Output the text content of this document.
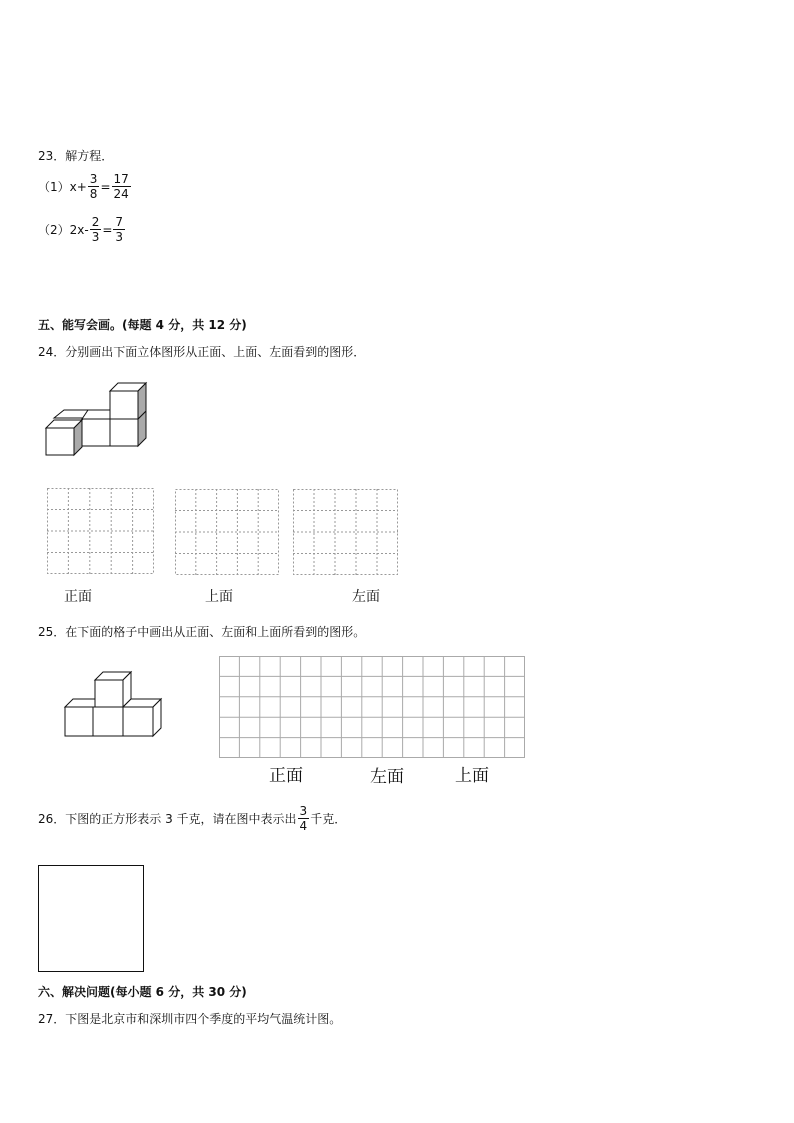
23．解方程．
$(1)x+ \frac{3}{8} = \frac{17}{24}$
$(2)2x- \frac{2}{3} = \frac{7}{3}$
五、能写会画。(每题 4 分，共 12 分)
24．分别画出下面立体图形从正面、上面、左面看到的图形．
正面	上面	左面
25．在下面的格子中画出从正面、左面和上面所看到的图形。
正面	左面	上面
26．下图的正方形表示 3 千克，请在图中表示出 $\frac{3}{4}$ 千克．
六、解决问题(每小题 6 分，共 30 分)
27．下图是北京市和深圳市四个季度的平均气温统计图。
